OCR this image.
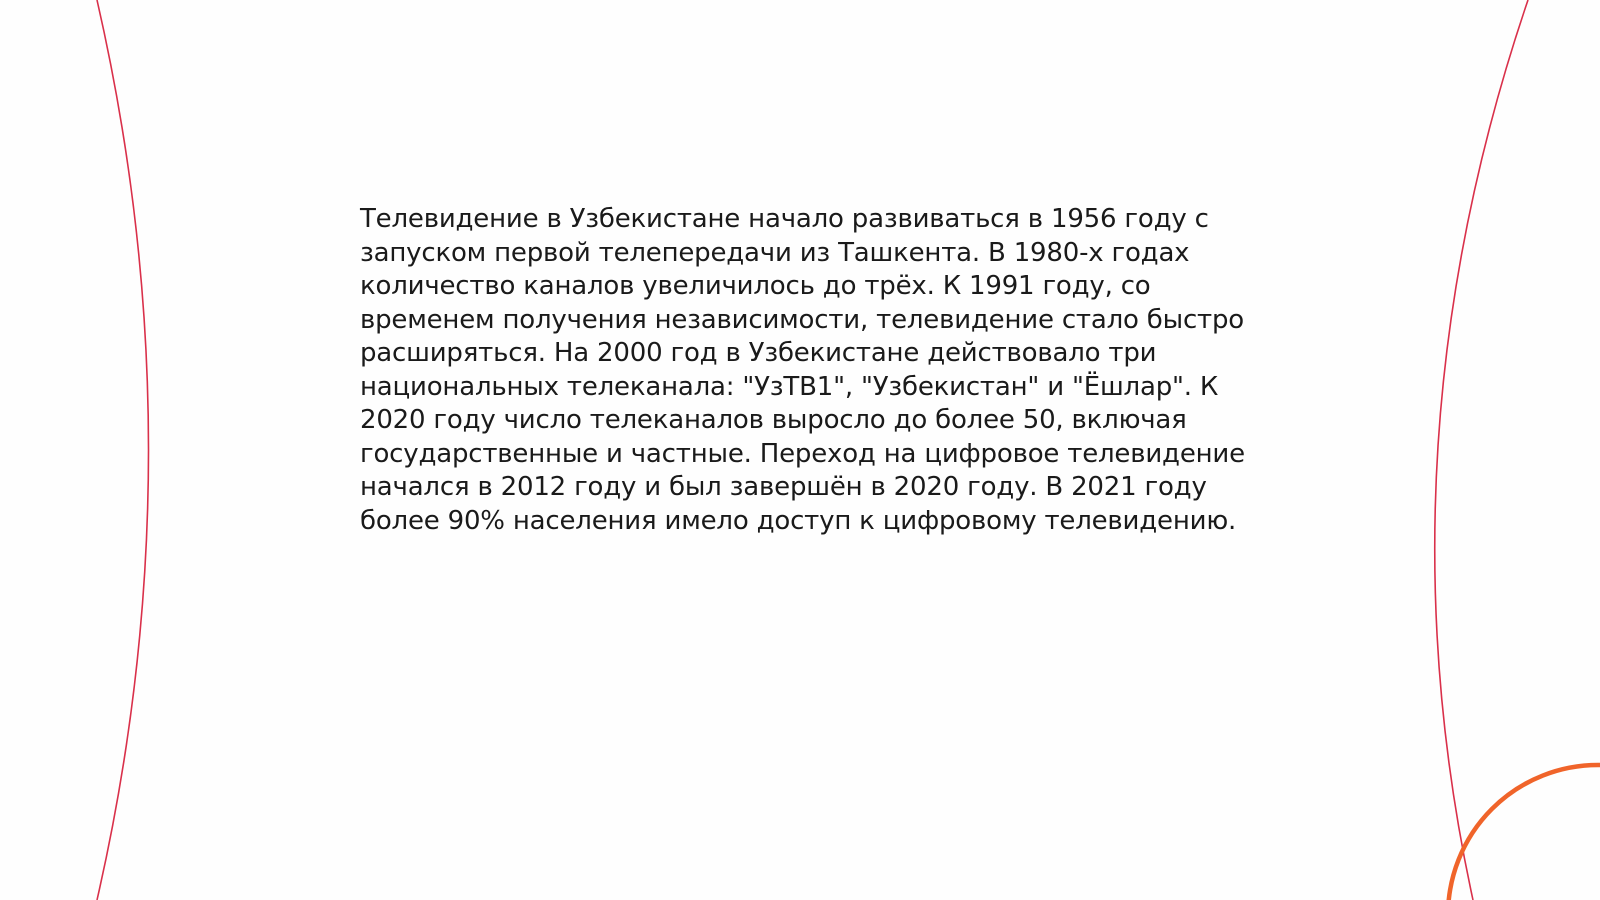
Телевидение в Узбекистане начало развиваться в 1956 году с запуском первой телепередачи из Ташкента. В 1980-х годах количество каналов увеличилось до трёх. К 1991 году, со временем получения независимости, телевидение стало быстро расширяться. На 2000 год в Узбекистане действовало три национальных телеканала: "УзТВ1", "Узбекистан" и "Ёшлар". К 2020 году число телеканалов выросло до более 50, включая государственные и частные. Переход на цифровое телевидение начался в 2012 году и был завершён в 2020 году. В 2021 году более 90% населения имело доступ к цифровому телевидению.
